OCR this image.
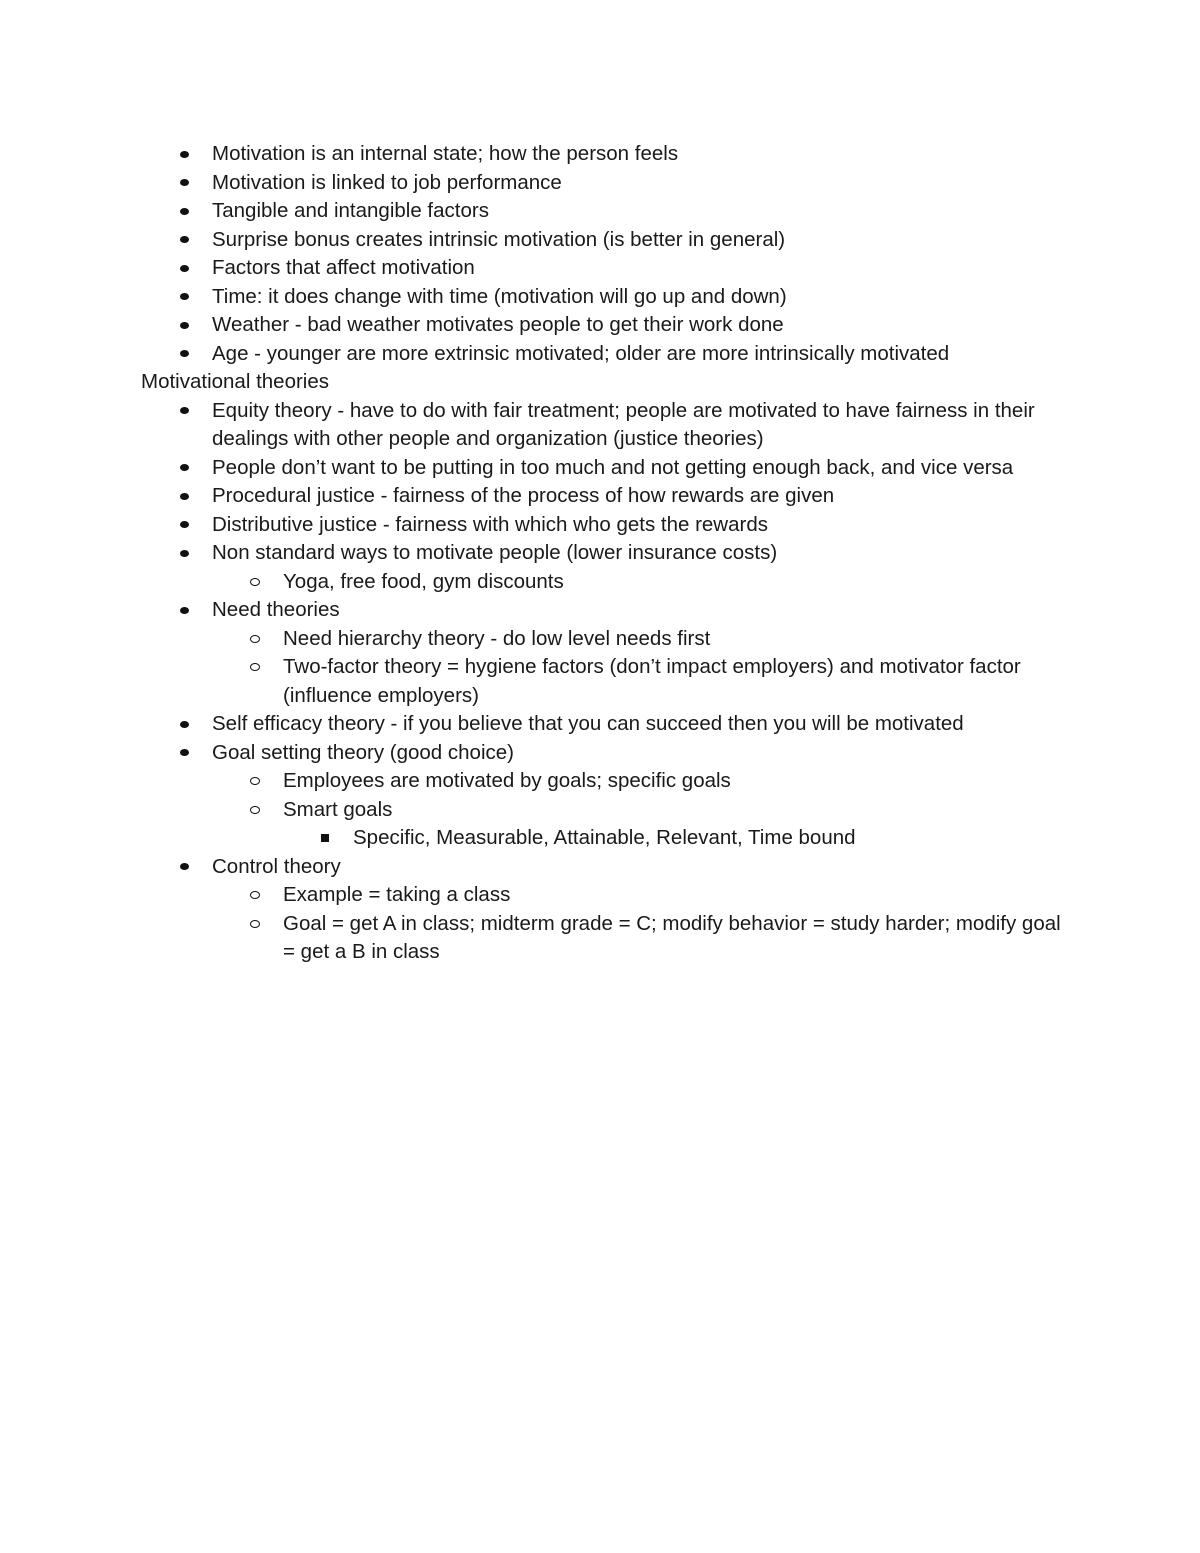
Motivation is an internal state; how the person feels
Motivation is linked to job performance
Tangible and intangible factors
Surprise bonus creates intrinsic motivation (is better in general)
Factors that affect motivation
Time: it does change with time (motivation will go up and down)
Weather - bad weather motivates people to get their work done
Age - younger are more extrinsic motivated; older are more intrinsically motivated
Motivational theories
Equity theory - have to do with fair treatment; people are motivated to have fairness in their dealings with other people and organization (justice theories)
People don’t want to be putting in too much and not getting enough back, and vice versa
Procedural justice - fairness of the process of how rewards are given
Distributive justice - fairness with which who gets the rewards
Non standard ways to motivate people (lower insurance costs)
Yoga, free food, gym discounts
Need theories
Need hierarchy theory - do low level needs first
Two-factor theory = hygiene factors (don’t impact employers) and motivator factor (influence employers)
Self efficacy theory - if you believe that you can succeed then you will be motivated
Goal setting theory (good choice)
Employees are motivated by goals; specific goals
Smart goals
Specific, Measurable, Attainable, Relevant, Time bound
Control theory
Example = taking a class
Goal = get A in class; midterm grade = C; modify behavior = study harder; modify goal = get a B in class
